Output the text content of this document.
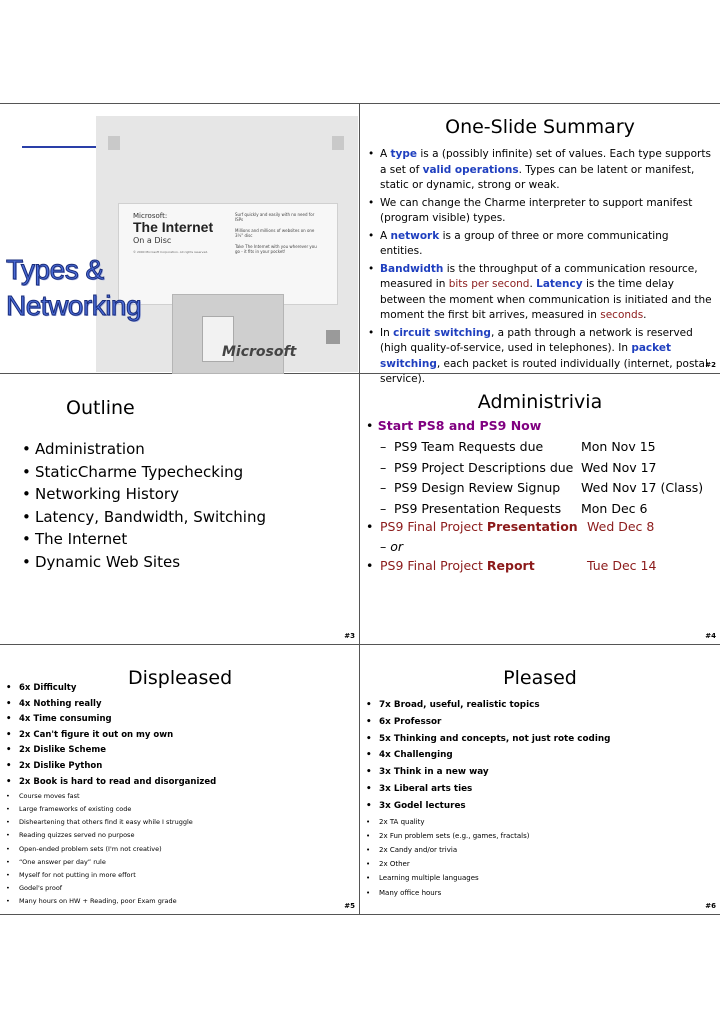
Microsoft:
The Internet
On a Disc
© 2000 Microsoft Corporation. All rights reserved.
Surf quickly and easily with no need for ISPs
Millions and millions of websites on one 3½" disc
Take The Internet with you wherever you go - it fits in your pocket!
Microsoft
Types &
Networking
One-Slide Summary
• A type is a (possibly infinite) set of values. Each type supports a set of valid operations. Types can be latent or manifest, static or dynamic, strong or weak.
• We can change the Charme interpreter to support manifest (program visible) types.
• A network is a group of three or more communicating entities.
• Bandwidth is the throughput of a communication resource, measured in bits per second. Latency is the time delay between the moment when communication is initiated and the moment the first bit arrives, measured in seconds.
• In circuit switching, a path through a network is reserved (high quality-of-service, used in telephones). In packet switching, each packet is routed individually (internet, postal service).
#2
Outline
Administration
StaticCharme Typechecking
Networking History
Latency, Bandwidth, Switching
The Internet
Dynamic Web Sites
•
•
•
•
•
•
#3
Administrivia
• Start PS8 and PS9 Now
– PS9 Team Requests due	Mon Nov 15
– PS9 Project Descriptions due Wed Nov 17
– PS9 Design Review Signup	Wed Nov 17 (Class)
– PS9 Presentation Requests	Mon Dec 6
• PS9 Final Project Presentation Wed Dec 8
– or
• PS9 Final Project Report	Tue Dec 14
#4
Displeased
• 6x Difficulty
• 4x Nothing really
• 4x Time consuming
• 2x Can't figure it out on my own
• 2x Dislike Scheme
• 2x Dislike Python
• 2x Book is hard to read and disorganized
• Course moves fast
• Large frameworks of existing code
• Disheartening that others find it easy while I struggle
• Reading quizzes served no purpose
• Open-ended problem sets (I'm not creative)
• “One answer per day” rule
• Myself for not putting in more effort
• Godel's proof
• Many hours on HW + Reading, poor Exam grade
#5
Pleased
• 7x Broad, useful, realistic topics
• 6x Professor
• 5x Thinking and concepts, not just rote coding
• 4x Challenging
• 3x Think in a new way
• 3x Liberal arts ties
• 3x Godel lectures
• 2x TA quality
• 2x Fun problem sets (e.g., games, fractals)
• 2x Candy and/or trivia
• 2x Other
• Learning multiple languages
• Many office hours
#6
